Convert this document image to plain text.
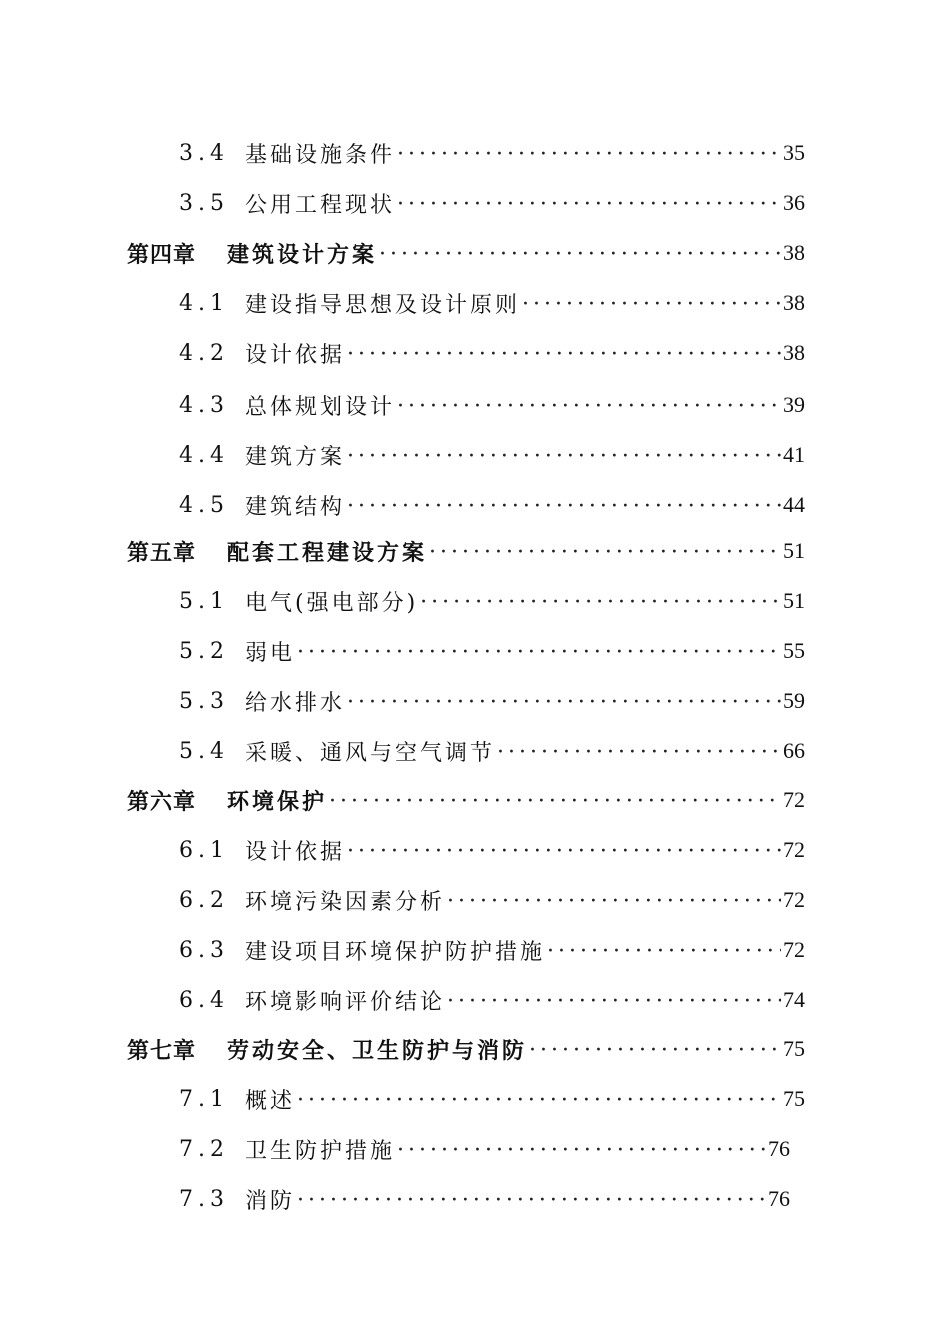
3.4 基础设施条件 ·····	35
3.5 公用工程现状 ·····	36
第四章	建筑设计方案 ·····	38
4.1 建设指导思想及设计原则 ·····	38
4.2 设计依据 ·····	38
4.3 总体规划设计 ·····	39
4.4 建筑方案 ·····	41
4.5 建筑结构 ·····	44
第五章	配套工程建设方案 ·····	51
5.1 电气(强电部分) ·····	51
5.2 弱电 ·····	55
5.3 给水排水 ·····	59
5.4 采暖、通风与空气调节 ·····	66
第六章	环境保护 ·····	72
6.1 设计依据 ·····	72
6.2 环境污染因素分析 ·····	72
6.3 建设项目环境保护防护措施 ·····	72
6.4 环境影响评价结论 ·····	74
第七章	劳动安全、卫生防护与消防 ·····	75
7.1 概述 ·····	75
7.2 卫生防护措施 ·····	76
7.3 消防 ·····	76
